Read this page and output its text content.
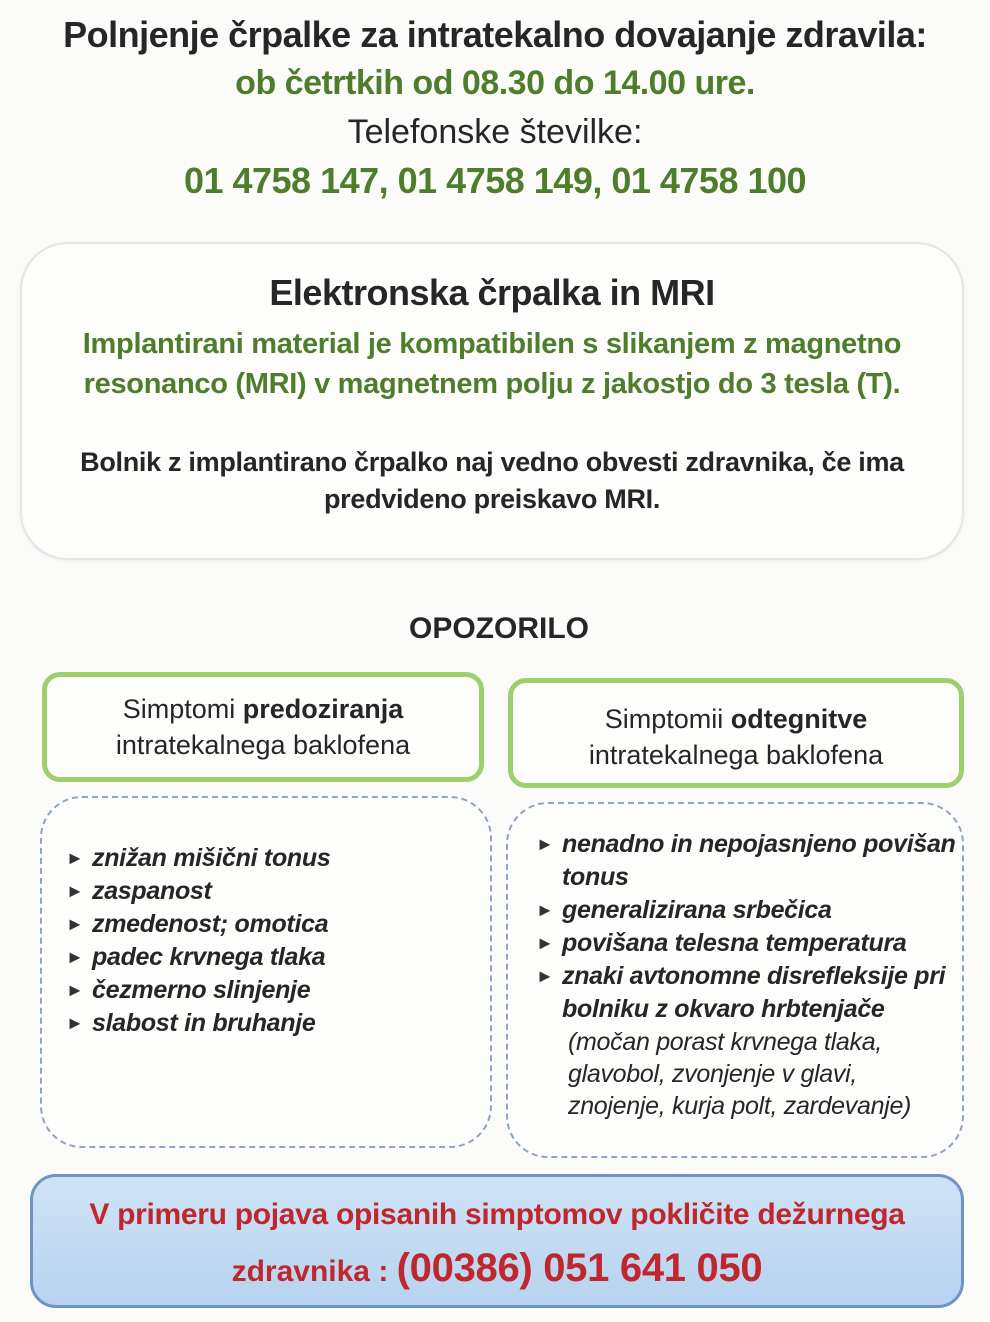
Polnjenje črpalke za intratekalno dovajanje zdravila:
ob četrtkih od 08.30 do 14.00 ure.
Telefonske številke:
01 4758 147, 01 4758 149, 01 4758 100
Elektronska črpalka in MRI
Implantirani material je kompatibilen s slikanjem z magnetno resonanco (MRI) v magnetnem polju z jakostjo do 3 tesla (T).
Bolnik z implantirano črpalko naj vedno obvesti zdravnika, če ima predvideno preiskavo MRI.
OPOZORILO
Simptomi predoziranja
intratekalnega baklofena
Simptomii odtegnitve
intratekalnega baklofena
► znižan mišični tonus
► zaspanost
► zmedenost; omotica
► padec krvnega tlaka
► čezmerno slinjenje
► slabost in bruhanje
► nenadno in nepojasnjeno povišan tonus
► generalizirana srbečica
► povišana telesna temperatura
► znaki avtonomne disrefleksije pri bolniku z okvaro hrbtenjače
(močan porast krvnega tlaka, glavobol, zvonjenje v glavi, znojenje, kurja polt, zardevanje)
V primeru pojava opisanih simptomov pokličite dežurnega
zdravnika : (00386) 051 641 050
